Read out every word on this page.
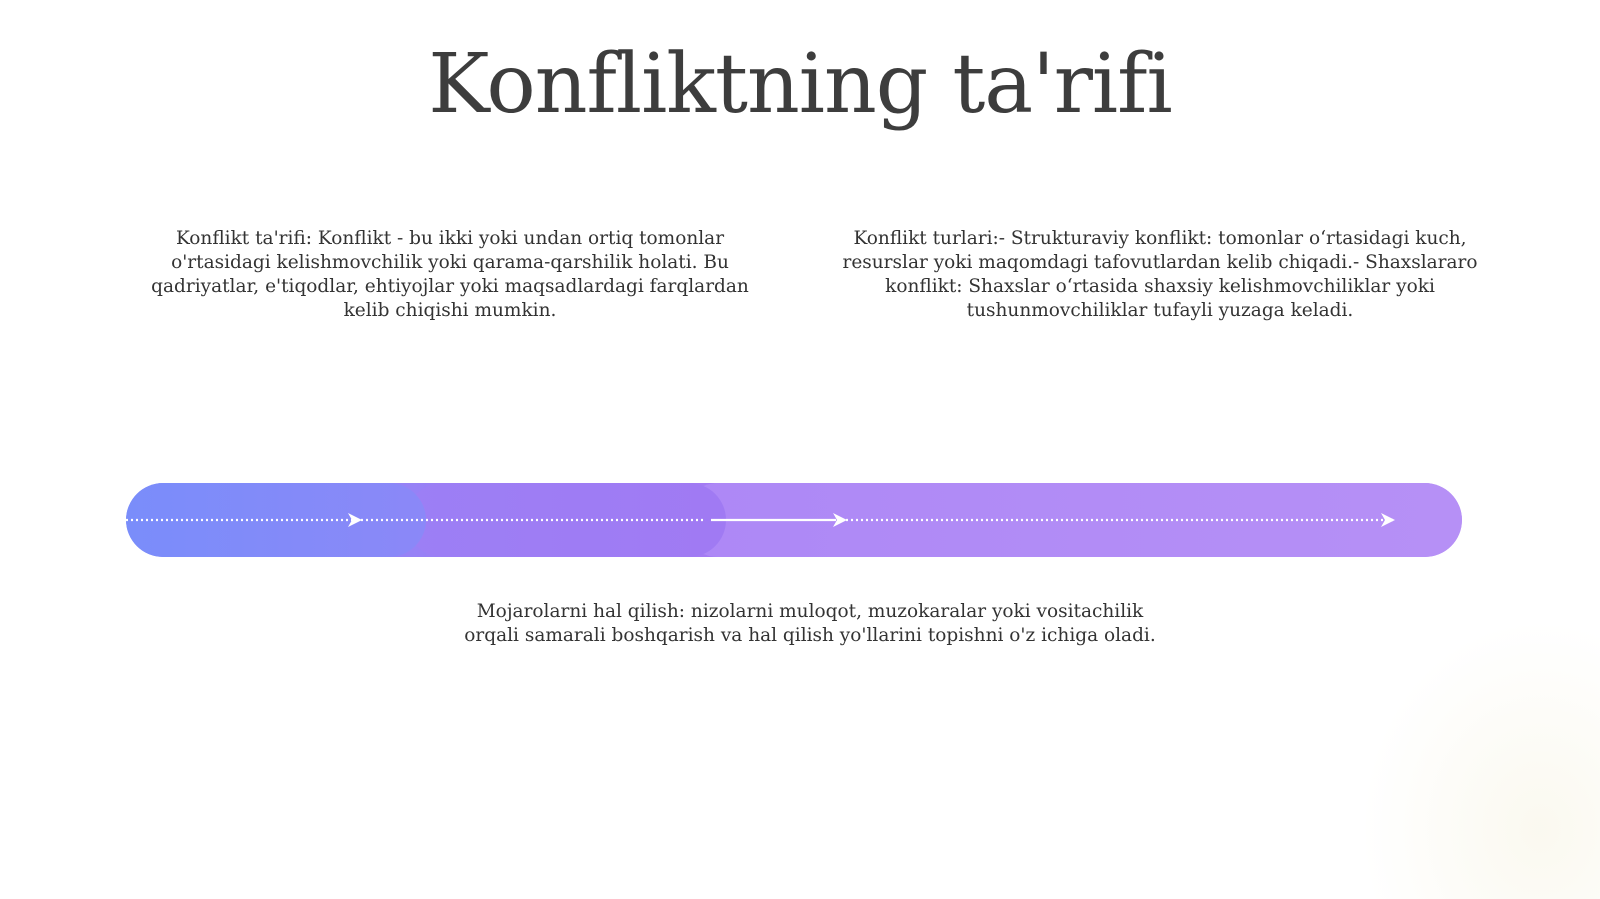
Konfliktning ta'rifi
Konflikt ta'rifi: Konflikt - bu ikki yoki undan ortiq tomonlar o'rtasidagi kelishmovchilik yoki qarama-qarshilik holati. Bu qadriyatlar, e'tiqodlar, ehtiyojlar yoki maqsadlardagi farqlardan kelib chiqishi mumkin.
Konflikt turlari:- Strukturaviy konflikt: tomonlar o‘rtasidagi kuch, resurslar yoki maqomdagi tafovutlardan kelib chiqadi.- Shaxslararo konflikt: Shaxslar o‘rtasida shaxsiy kelishmovchiliklar yoki tushunmovchiliklar tufayli yuzaga keladi.
Mojarolarni hal qilish: nizolarni muloqot, muzokaralar yoki vositachilik orqali samarali boshqarish va hal qilish yo'llarini topishni o'z ichiga oladi.
